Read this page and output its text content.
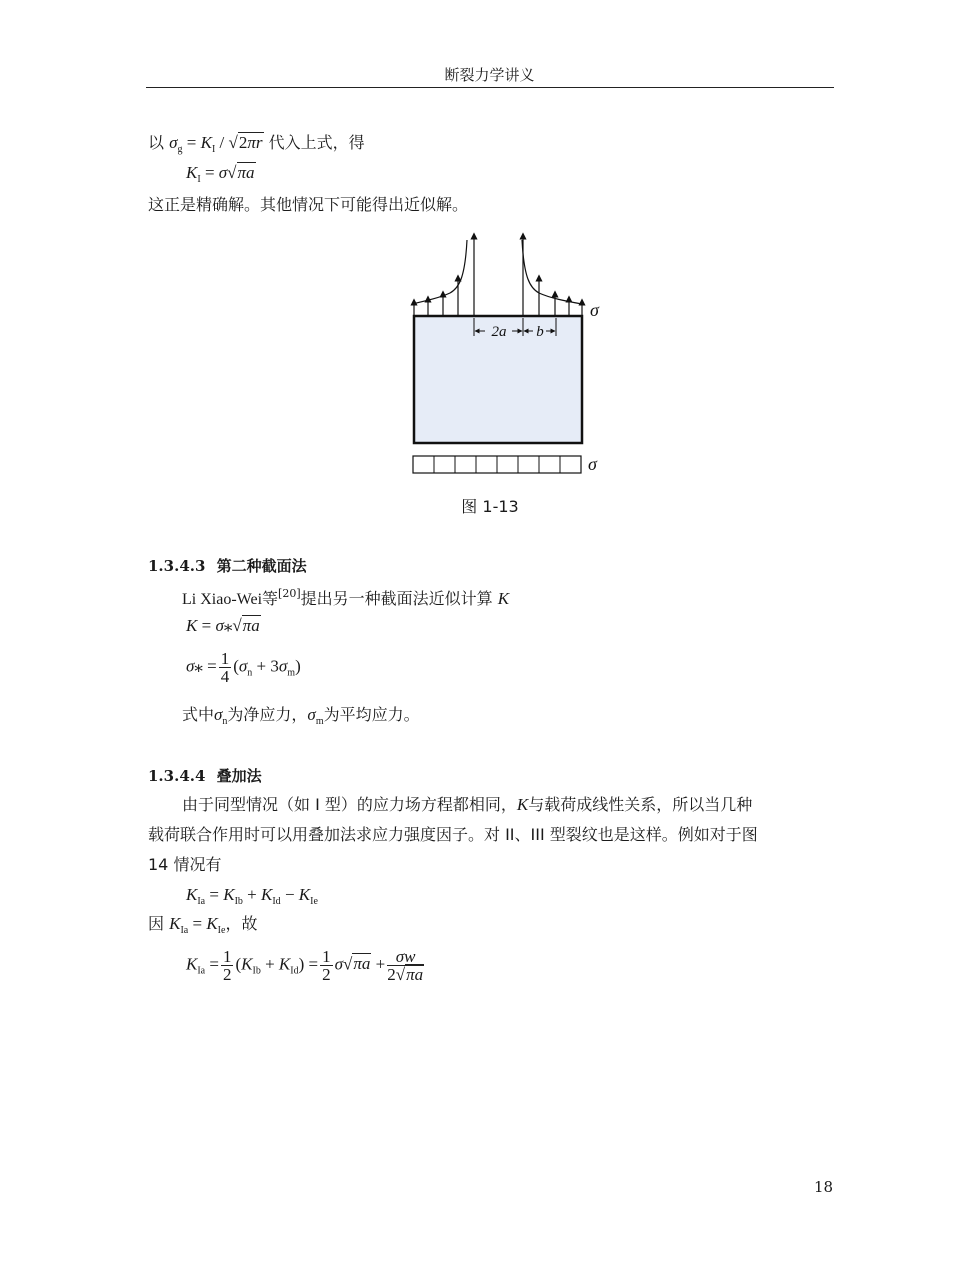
断裂力学讲义
以 $\sigma_g = K_I / √2\pi r$ 代入上式，得
$K_I = \sigma√\pi a$
这正是精确解。其他情况下可能得出近似解。
2a b
σ
σ
图 1-13
1.3.4.3 第二种截面法
Li Xiao-Wei等[20]提出另一种截面法近似计算 K
K = σ⁎√πa
σ⁎ = $\frac{1}{4} (\sigma_n + 3\sigma_m)$
式中$\sigma_n$为净应力，$\sigma_m$为平均应力。
1.3.4.4 叠加法
由于同型情况（如 I 型）的应力场方程都相同，K与载荷成线性关系，所以当几种
载荷联合作用时可以用叠加法求应力强度因子。对 II、III 型裂纹也是这样。例如对于图
14 情况有
$K_{Ia} = K_{Ib} + K_{Id} - K_{Ie}$
因 $K_{Ia} = K_{Ie}$，故
$K_{Ia} = \frac{1}{2} (K_{Ib} + K_{Id}) = \frac{1}{2} \sigma√\pi a + \frac{\sigma w}{2√\pi a}$
18
